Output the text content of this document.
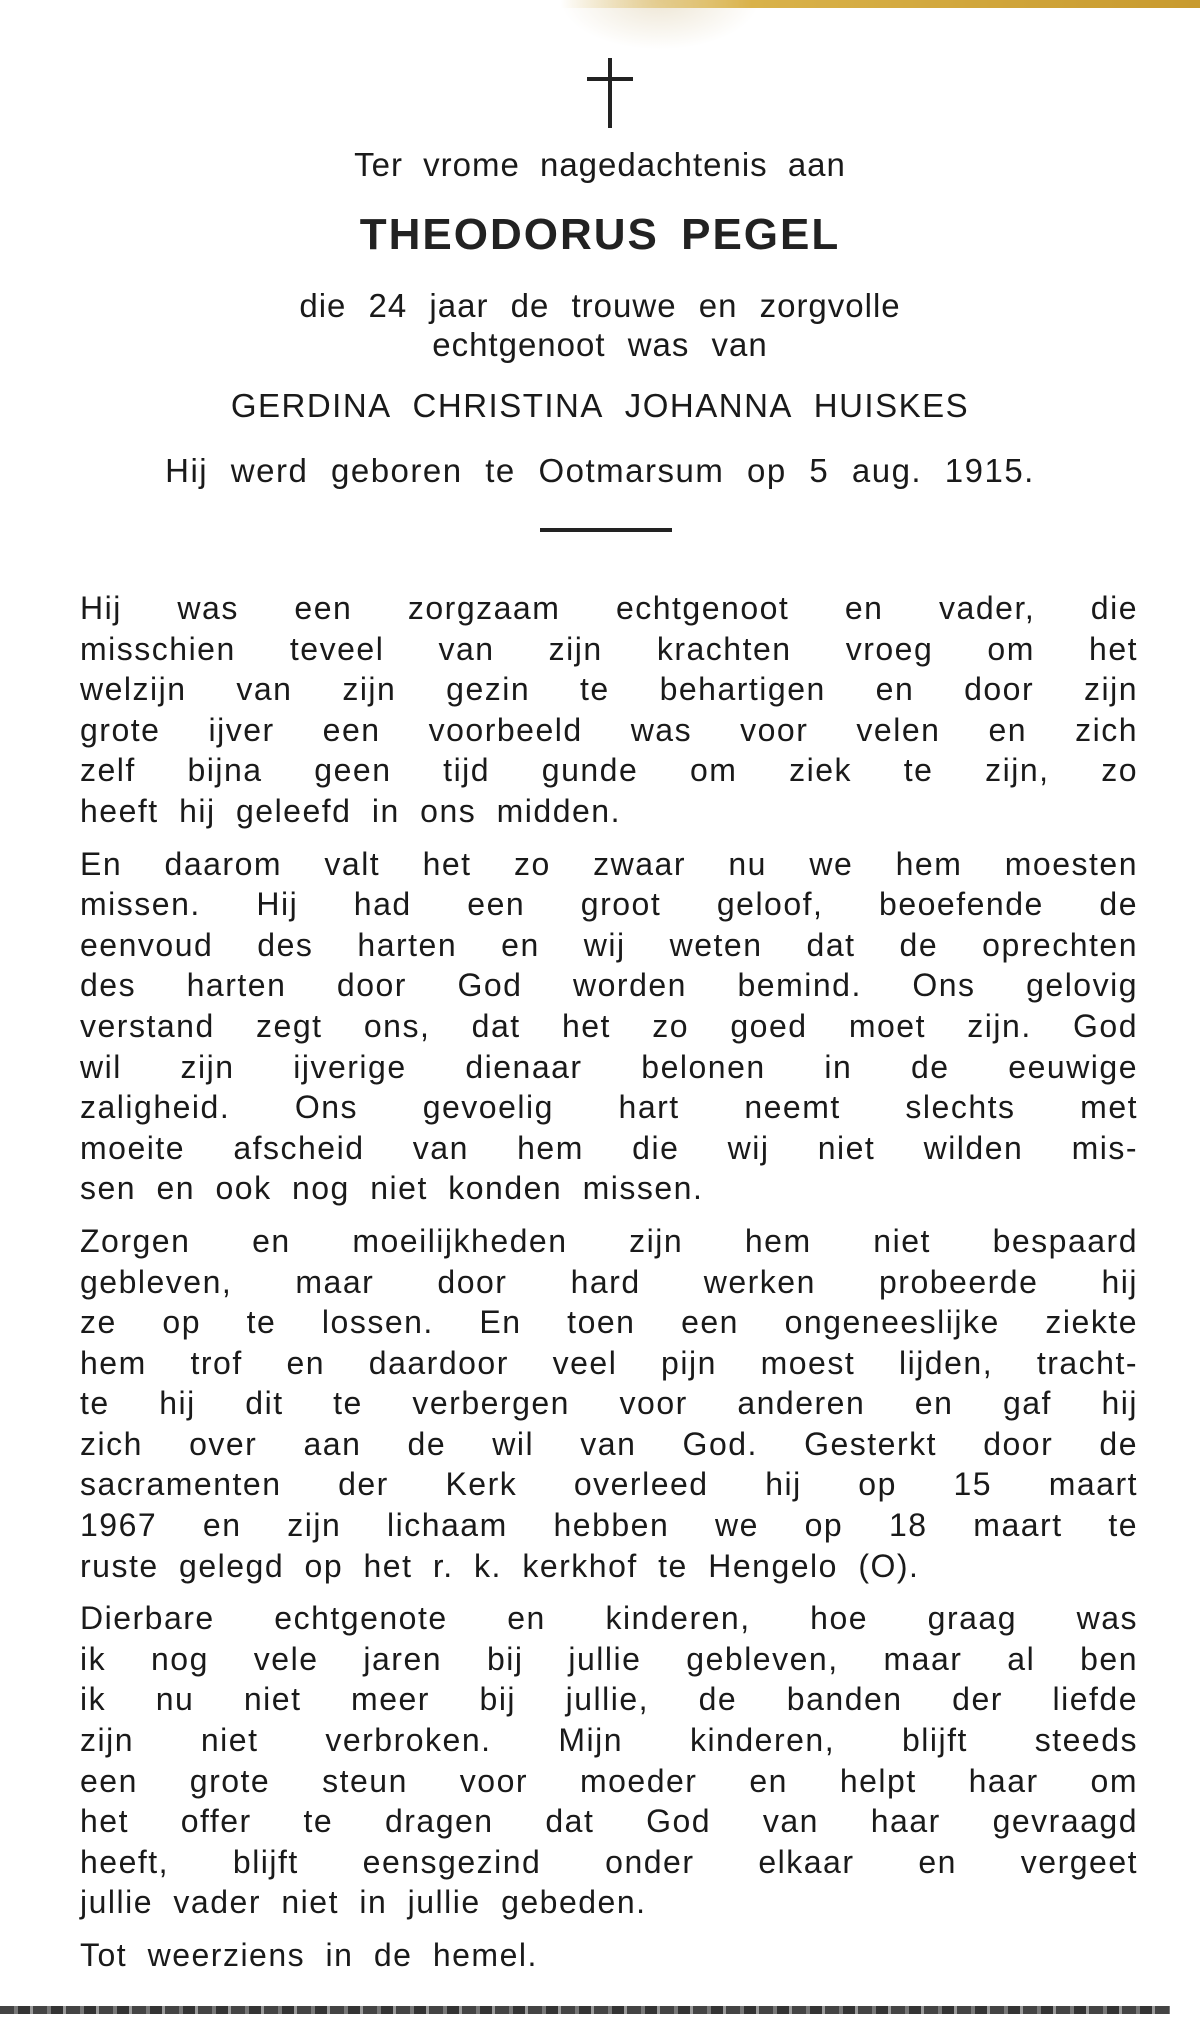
Ter vrome nagedachtenis aan
THEODORUS PEGEL
die 24 jaar de trouwe en zorgvolle
echtgenoot was van
GERDINA CHRISTINA JOHANNA HUISKES
Hij werd geboren te Ootmarsum op 5 aug. 1915.
Hij was een zorgzaam echtgenoot en vader, die
misschien teveel van zijn krachten vroeg om het
welzijn van zijn gezin te behartigen en door zijn
grote ijver een voorbeeld was voor velen en zich
zelf bijna geen tijd gunde om ziek te zijn, zo
heeft hij geleefd in ons midden.
En daarom valt het zo zwaar nu we hem moesten
missen. Hij had een groot geloof, beoefende de
eenvoud des harten en wij weten dat de oprechten
des harten door God worden bemind. Ons gelovig
verstand zegt ons, dat het zo goed moet zijn. God
wil zijn ijverige dienaar belonen in de eeuwige
zaligheid. Ons gevoelig hart neemt slechts met
moeite afscheid van hem die wij niet wilden mis-
sen en ook nog niet konden missen.
Zorgen en moeilijkheden zijn hem niet bespaard
gebleven, maar door hard werken probeerde hij
ze op te lossen. En toen een ongeneeslijke ziekte
hem trof en daardoor veel pijn moest lijden, tracht-
te hij dit te verbergen voor anderen en gaf hij
zich over aan de wil van God. Gesterkt door de
sacramenten der Kerk overleed hij op 15 maart
1967 en zijn lichaam hebben we op 18 maart te
ruste gelegd op het r. k. kerkhof te Hengelo (O).
Dierbare echtgenote en kinderen, hoe graag was
ik nog vele jaren bij jullie gebleven, maar al ben
ik nu niet meer bij jullie, de banden der liefde
zijn niet verbroken. Mijn kinderen, blijft steeds
een grote steun voor moeder en helpt haar om
het offer te dragen dat God van haar gevraagd
heeft, blijft eensgezind onder elkaar en vergeet
jullie vader niet in jullie gebeden.
Tot weerziens in de hemel.
